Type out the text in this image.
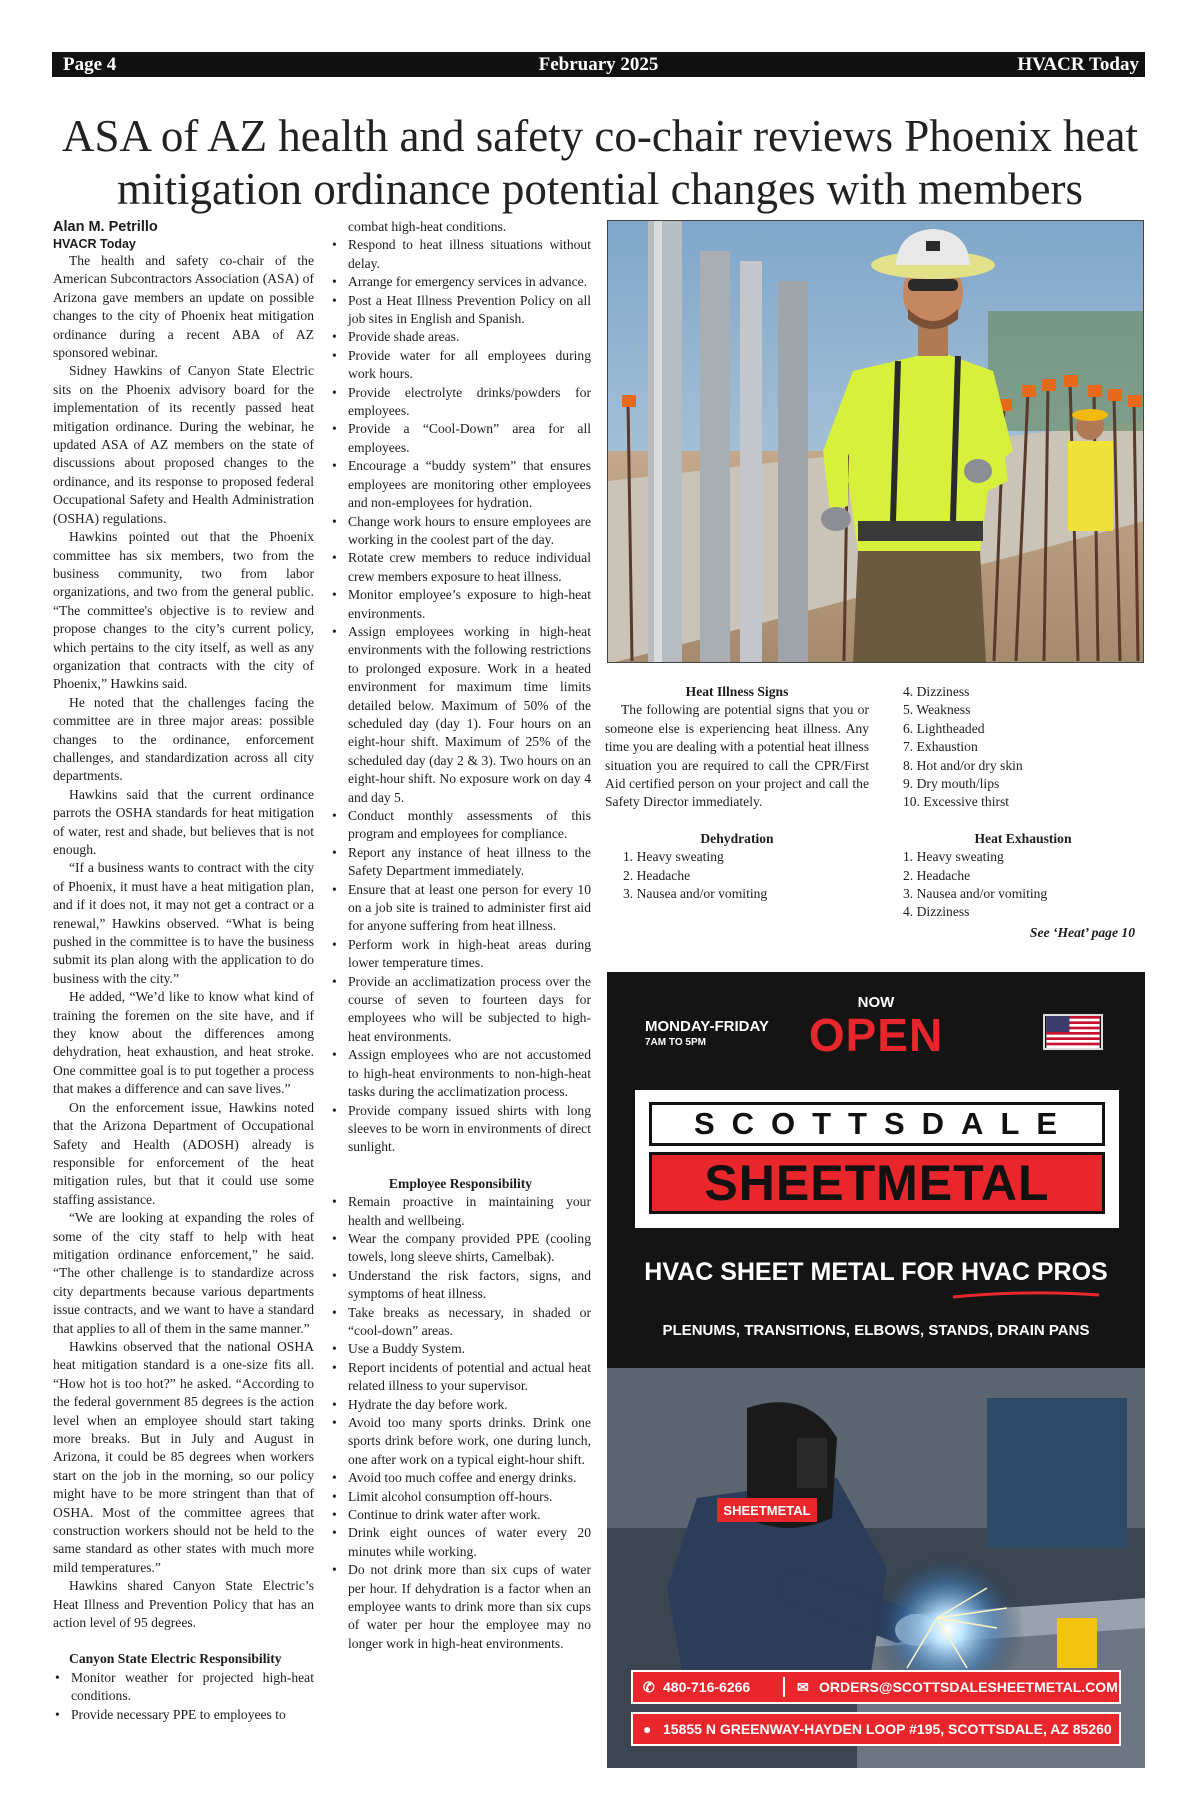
February 2025
Page 4	HVACR Today
ASA of AZ health and safety co-chair reviews Phoenix heat mitigation ordinance potential changes with members
Alan M. Petrillo
HVACR Today

The health and safety co-chair of the American Subcontractors Association (ASA) of Arizona gave members an update on possible changes to the city of Phoenix heat mitigation ordinance during a recent ABA of AZ sponsored webinar.

Sidney Hawkins of Canyon State Electric sits on the Phoenix advisory board for the implementation of its recently passed heat mitigation ordinance. During the webinar, he updated ASA of AZ members on the state of discussions about proposed changes to the ordinance, and its response to proposed federal Occupational Safety and Health Administration (OSHA) regulations.

Hawkins pointed out that the Phoenix committee has six members, two from the business community, two from labor organizations, and two from the general public. “The committee's objective is to review and propose changes to the city’s current policy, which pertains to the city itself, as well as any organization that contracts with the city of Phoenix,” Hawkins said.

He noted that the challenges facing the committee are in three major areas: possible changes to the ordinance, enforcement challenges, and standardization across all city departments.

Hawkins said that the current ordinance parrots the OSHA standards for heat mitigation of water, rest and shade, but believes that is not enough.

“If a business wants to contract with the city of Phoenix, it must have a heat mitigation plan, and if it does not, it may not get a contract or a renewal,” Hawkins observed. “What is being pushed in the committee is to have the business submit its plan along with the application to do business with the city.”

He added, “We’d like to know what kind of training the foremen on the site have, and if they know about the differences among dehydration, heat exhaustion, and heat stroke. One committee goal is to put together a process that makes a difference and can save lives.”

On the enforcement issue, Hawkins noted that the Arizona Department of Occupational Safety and Health (ADOSH) already is responsible for enforcement of the heat mitigation rules, but that it could use some staffing assistance.

“We are looking at expanding the roles of some of the city staff to help with heat mitigation ordinance enforcement,” he said. “The other challenge is to standardize across city departments because various departments issue contracts, and we want to have a standard that applies to all of them in the same manner.”

Hawkins observed that the national OSHA heat mitigation standard is a one-size fits all. “How hot is too hot?” he asked. “According to the federal government 85 degrees is the action level when an employee should start taking more breaks. But in July and August in Arizona, it could be 85 degrees when workers start on the job in the morning, so our policy might have to be more stringent than that of OSHA. Most of the committee agrees that construction workers should not be held to the same standard as other states with much more mild temperatures.”

Hawkins shared Canyon State Electric’s Heat Illness and Prevention Policy that has an action level of 95 degrees.

Canyon State Electric Responsibility
• Monitor weather for projected high-heat conditions.
• Provide necessary PPE to employees to
combat high-heat conditions.
• Respond to heat illness situations without delay.
• Arrange for emergency services in advance.
• Post a Heat Illness Prevention Policy on all job sites in English and Spanish.
• Provide shade areas.
• Provide water for all employees during work hours.
• Provide electrolyte drinks/powders for employees.
• Provide a “Cool-Down” area for all employees.
• Encourage a “buddy system” that ensures employees are monitoring other employees and non-employees for hydration.
• Change work hours to ensure employees are working in the coolest part of the day.
• Rotate crew members to reduce individual crew members exposure to heat illness.
• Monitor employee’s exposure to high-heat environments.
• Assign employees working in high-heat environments with the following restrictions to prolonged exposure. Work in a heated environment for maximum time limits detailed below. Maximum of 50% of the scheduled day (day 1). Four hours on an eight-hour shift. Maximum of 25% of the scheduled day (day 2 & 3). Two hours on an eight-hour shift. No exposure work on day 4 and day 5.
• Conduct monthly assessments of this program and employees for compliance.
• Report any instance of heat illness to the Safety Department immediately.
• Ensure that at least one person for every 10 on a job site is trained to administer first aid for anyone suffering from heat illness.
• Perform work in high-heat areas during lower temperature times.
• Provide an acclimatization process over the course of seven to fourteen days for employees who will be subjected to high-heat environments.
• Assign employees who are not accustomed to high-heat environments to non-high-heat tasks during the acclimatization process.
• Provide company issued shirts with long sleeves to be worn in environments of direct sunlight.
Employee Responsibility
• Remain proactive in maintaining your health and wellbeing.
• Wear the company provided PPE (cooling towels, long sleeve shirts, Camelbak).
• Understand the risk factors, signs, and symptoms of heat illness.
• Take breaks as necessary, in shaded or “cool-down” areas.
• Use a Buddy System.
• Report incidents of potential and actual heat related illness to your supervisor.
• Hydrate the day before work.
• Avoid too many sports drinks. Drink one sports drink before work, one during lunch, one after work on a typical eight-hour shift.
• Avoid too much coffee and energy drinks.
• Limit alcohol consumption off-hours.
• Continue to drink water after work.
• Drink eight ounces of water every 20 minutes while working.
• Do not drink more than six cups of water per hour. If dehydration is a factor when an employee wants to drink more than six cups of water per hour the employee may no longer work in high-heat environments.
Heat Illness Signs

The following are potential signs that you or someone else is experiencing heat illness. Any time you are dealing with a potential heat illness situation you are required to call the CPR/First Aid certified person on your project and call the Safety Director immediately.

Dehydration
1. Heavy sweating
2. Headache
3. Nausea and/or vomiting
4. Dizziness
5. Weakness
6. Lightheaded
7. Exhaustion
8. Hot and/or dry skin
9. Dry mouth/lips
10. Excessive thirst
Heat Exhaustion
1. Heavy sweating
2. Headache
3. Nausea and/or vomiting
4. Dizziness
See ‘Heat’ page 10
MONDAY-FRIDAY
7AM TO 5PM
NOW
OPEN
SCOTTSDALE
SHEETMETAL
HVAC SHEET METAL FOR HVAC PROS
PLENUMS, TRANSITIONS, ELBOWS, STANDS, DRAIN PANS
SHEETMETAL
✆ 480-716-6266	✉ ORDERS@SCOTTSDALESHEETMETAL.COM
● 15855 N GREENWAY-HAYDEN LOOP #195, SCOTTSDALE, AZ 85260
